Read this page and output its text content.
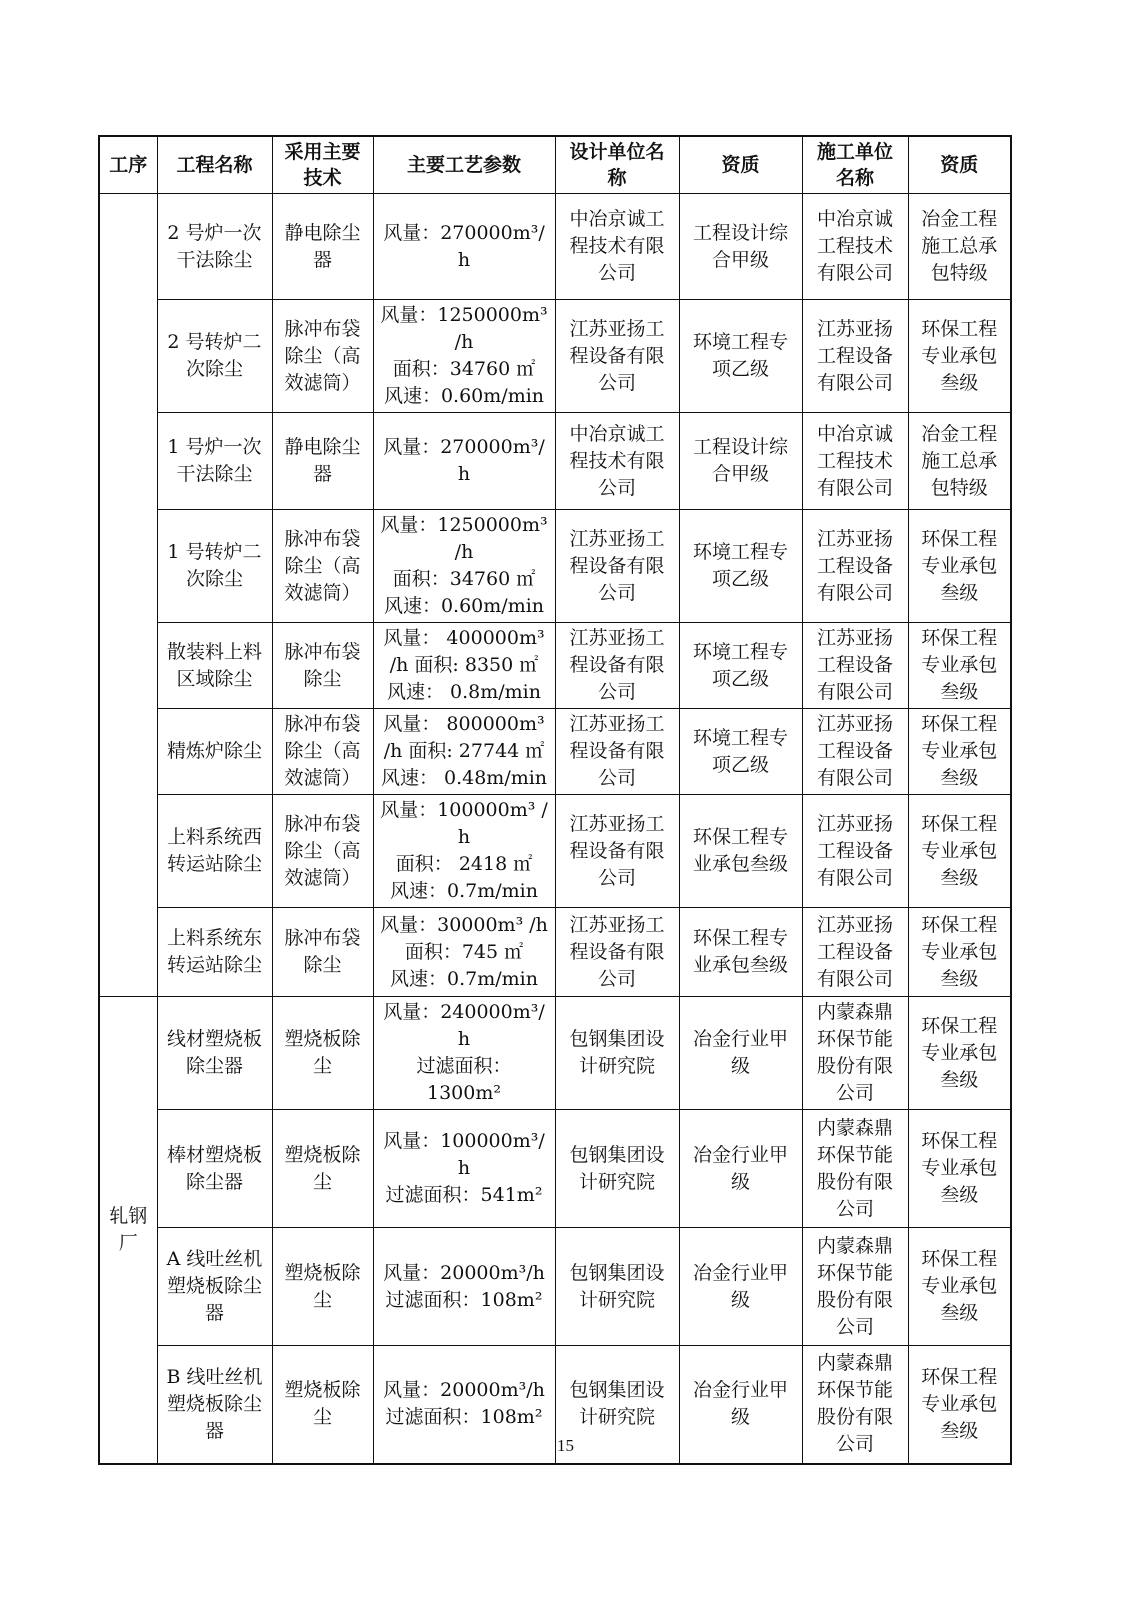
工序	工程名称	采用主要技术	主要工艺参数	设计单位名称	资质	施工单位名称	资质
	2 号炉一次干法除尘	静电除尘器	风量：270000m³/h	中冶京诚工程技术有限公司	工程设计综合甲级	中冶京诚工程技术有限公司	冶金工程施工总承包特级
	2 号转炉二次除尘	脉冲布袋除尘（高效滤筒）	风量：1250000m³
/h
面积：34760 ㎡
风速：0.60m/min	江苏亚扬工程设备有限公司	环境工程专项乙级	江苏亚扬工程设备有限公司	环保工程专业承包叁级
	1 号炉一次干法除尘	静电除尘器	风量：270000m³/h	中冶京诚工程技术有限公司	工程设计综合甲级	中冶京诚工程技术有限公司	冶金工程施工总承包特级
	1 号转炉二次除尘	脉冲布袋除尘（高效滤筒）	风量：1250000m³
/h
面积：34760 ㎡
风速：0.60m/min	江苏亚扬工程设备有限公司	环境工程专项乙级	江苏亚扬工程设备有限公司	环保工程专业承包叁级
	散装料上料区域除尘	脉冲布袋除尘	风量： 400000m³
/h 面积: 8350 ㎡
风速： 0.8m/min	江苏亚扬工程设备有限公司	环境工程专项乙级	江苏亚扬工程设备有限公司	环保工程专业承包叁级
	精炼炉除尘	脉冲布袋除尘（高效滤筒）	风量： 800000m³
/h 面积: 27744 ㎡
风速： 0.48m/min	江苏亚扬工程设备有限公司	环境工程专项乙级	江苏亚扬工程设备有限公司	环保工程专业承包叁级
	上料系统西转运站除尘	脉冲布袋除尘（高效滤筒）	风量：100000m³ /h
面积： 2418 ㎡
风速：0.7m/min	江苏亚扬工程设备有限公司	环保工程专业承包叁级	江苏亚扬工程设备有限公司	环保工程专业承包叁级
	上料系统东转运站除尘	脉冲布袋除尘	风量：30000m³ /h
面积：745 ㎡
风速：0.7m/min	江苏亚扬工程设备有限公司	环保工程专业承包叁级	江苏亚扬工程设备有限公司	环保工程专业承包叁级
轧钢厂	线材塑烧板除尘器	塑烧板除尘	风量：240000m³/h
过滤面积：
1300m²	包钢集团设计研究院	冶金行业甲级	内蒙森鼎环保节能股份有限公司	环保工程专业承包叁级
	棒材塑烧板除尘器	塑烧板除尘	风量：100000m³/h
过滤面积：541m²	包钢集团设计研究院	冶金行业甲级	内蒙森鼎环保节能股份有限公司	环保工程专业承包叁级
	A 线吐丝机塑烧板除尘器	塑烧板除尘	风量：20000m³/h
过滤面积：108m²	包钢集团设计研究院	冶金行业甲级	内蒙森鼎环保节能股份有限公司	环保工程专业承包叁级
	B 线吐丝机塑烧板除尘器	塑烧板除尘	风量：20000m³/h
过滤面积：108m²	包钢集团设计研究院	冶金行业甲级	内蒙森鼎环保节能股份有限公司	环保工程专业承包叁级
15
